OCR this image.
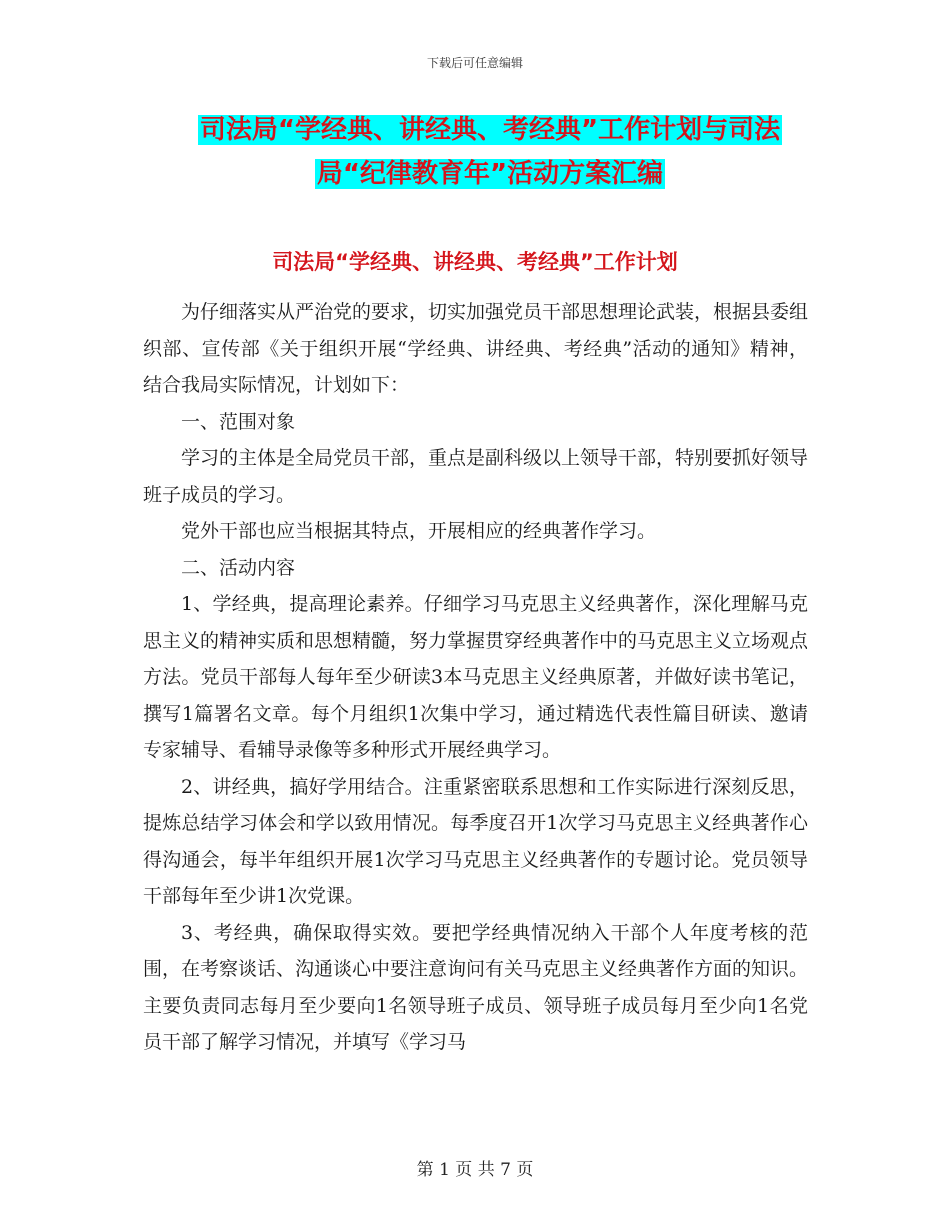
下载后可任意编辑
司法局“学经典、讲经典、考经典”工作计划与司法
局“纪律教育年”活动方案汇编
司法局“学经典、讲经典、考经典”工作计划

为仔细落实从严治党的要求，切实加强党员干部思想理论武装，根据县委组织部、宣传部《关于组织开展“学经典、讲经典、考经典”活动的通知》精神，结合我局实际情况，计划如下：

一、范围对象

学习的主体是全局党员干部，重点是副科级以上领导干部，特别要抓好领导班子成员的学习。

党外干部也应当根据其特点，开展相应的经典著作学习。

二、活动内容

1、学经典，提高理论素养。仔细学习马克思主义经典著作，深化理解马克思主义的精神实质和思想精髓，努力掌握贯穿经典著作中的马克思主义立场观点方法。党员干部每人每年至少研读3本马克思主义经典原著，并做好读书笔记，撰写1篇署名文章。每个月组织1次集中学习，通过精选代表性篇目研读、邀请专家辅导、看辅导录像等多种形式开展经典学习。

2、讲经典，搞好学用结合。注重紧密联系思想和工作实际进行深刻反思，提炼总结学习体会和学以致用情况。每季度召开1次学习马克思主义经典著作心得沟通会，每半年组织开展1次学习马克思主义经典著作的专题讨论。党员领导干部每年至少讲1次党课。

3、考经典，确保取得实效。要把学经典情况纳入干部个人年度考核的范围，在考察谈话、沟通谈心中要注意询问有关马克思主义经典著作方面的知识。主要负责同志每月至少要向1名领导班子成员、领导班子成员每月至少向1名党员干部了解学习情况，并填写《学习马

第 1 页 共 7 页
